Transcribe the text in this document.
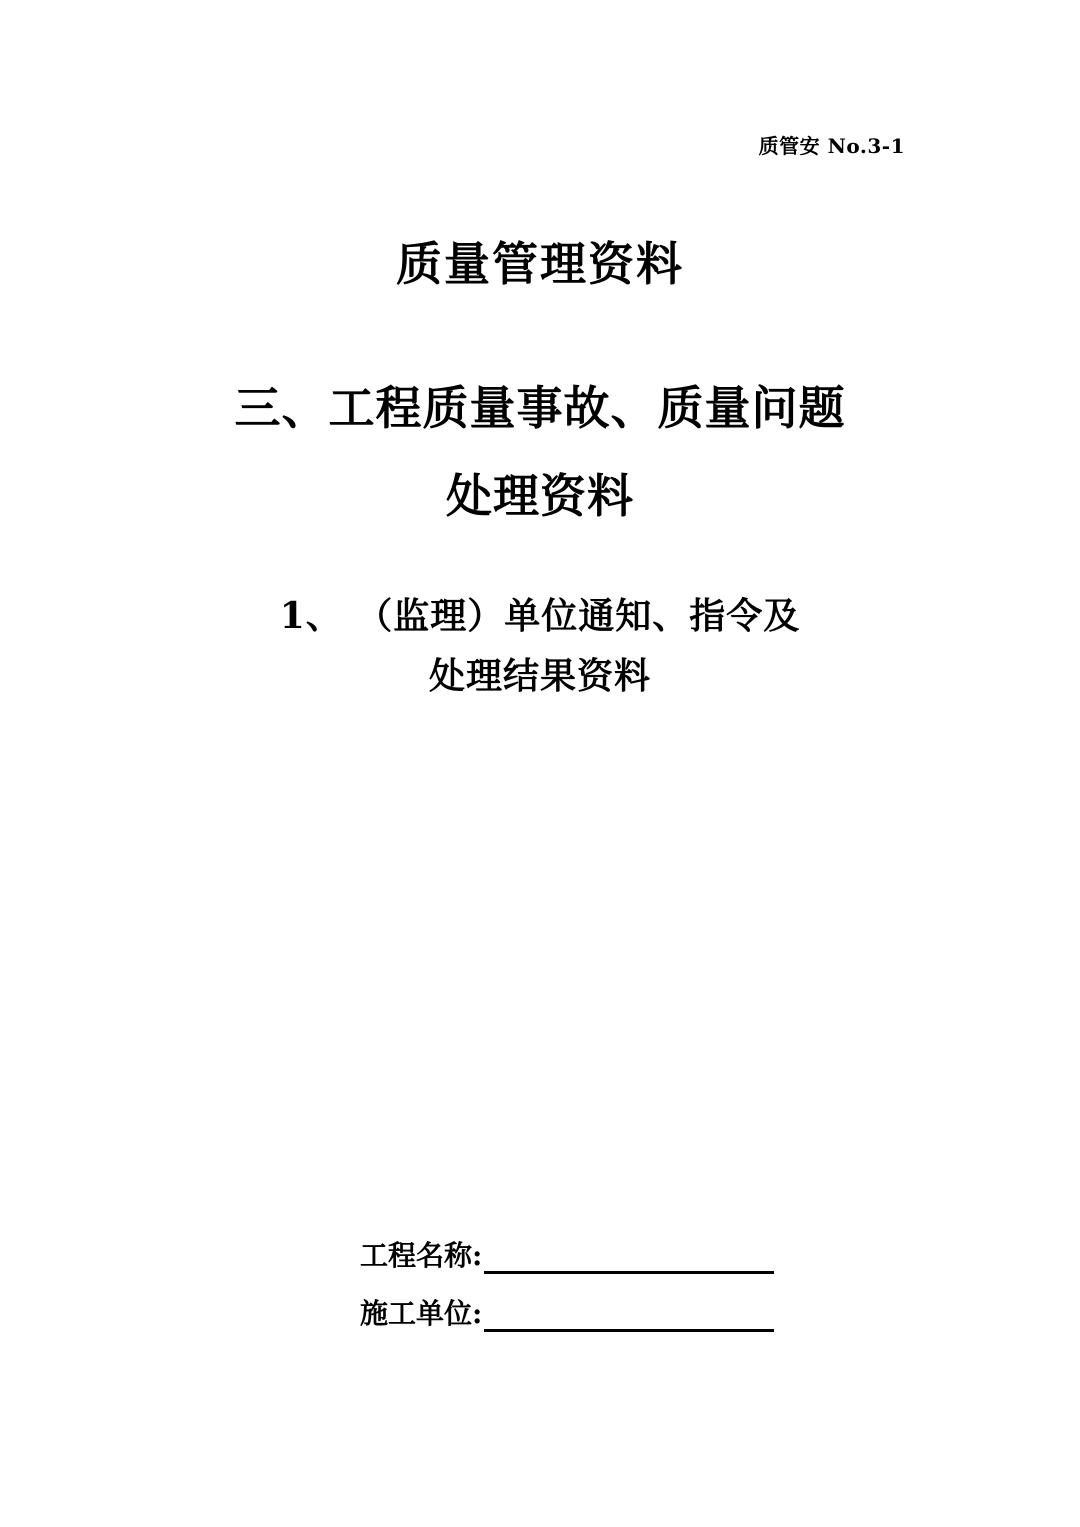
质管安 No.3-1
质量管理资料
三、工程质量事故、质量问题
处理资料
1、 （监理）单位通知、指令及
处理结果资料
工程名称:
施工单位:
